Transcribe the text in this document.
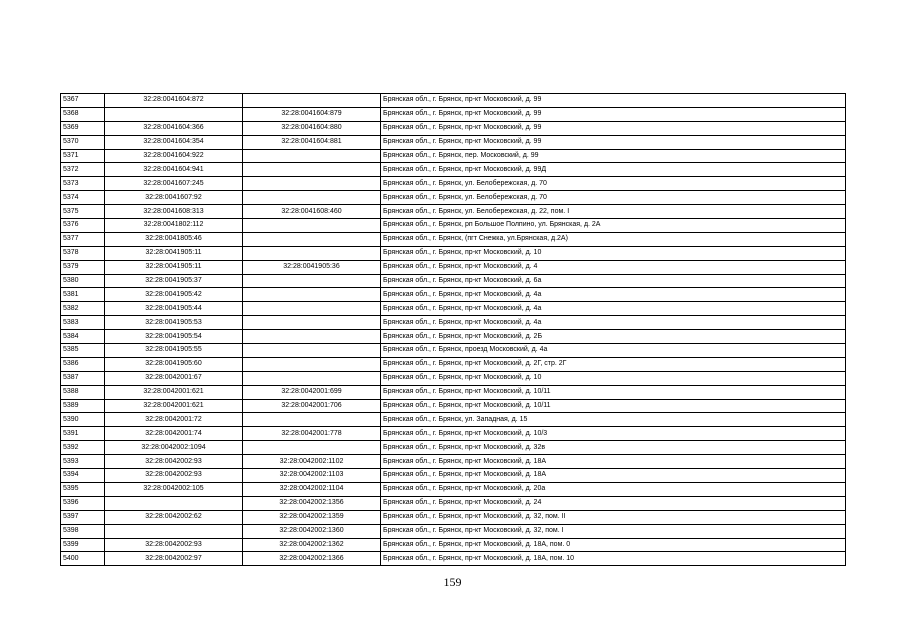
5367	32:28:0041604:872		Брянская обл., г. Брянск, пр-кт Московский, д. 99
5368		32:28:0041604:879	Брянская обл., г. Брянск, пр-кт Московский, д. 99
5369	32:28:0041604:366	32:28:0041604:880	Брянская обл., г. Брянск, пр-кт Московский, д. 99
5370	32:28:0041604:354	32:28:0041604:881	Брянская обл., г. Брянск, пр-кт Московский, д. 99
5371	32:28:0041604:922		Брянская обл., г. Брянск, пер. Московский, д. 99
5372	32:28:0041604:941		Брянская обл., г. Брянск, пр-кт Московский, д. 99Д
5373	32:28:0041607:245		Брянская обл., г. Брянск, ул. Белобережская, д. 70
5374	32:28:0041607:92		Брянская обл., г. Брянск, ул. Белобережская, д. 70
5375	32:28:0041608:313	32:28:0041608:460	Брянская обл., г. Брянск, ул. Белобережская, д. 22, пом. I
5376	32:28:0041802:112		Брянская обл., г. Брянск, рп Большое Полпино, ул. Брянская, д. 2А
5377	32:28:0041805:46		Брянская обл., г. Брянск, (пгт Снежка, ул.Брянская, д.2А)
5378	32:28:0041905:11		Брянская обл., г. Брянск, пр-кт Московский, д. 10
5379	32:28:0041905:11	32:28:0041905:36	Брянская обл., г. Брянск, пр-кт Московский, д. 4
5380	32:28:0041905:37		Брянская обл., г. Брянск, пр-кт Московский, д. 6а
5381	32:28:0041905:42		Брянская обл., г. Брянск, пр-кт Московский, д. 4а
5382	32:28:0041905:44		Брянская обл., г. Брянск, пр-кт Московский, д. 4а
5383	32:28:0041905:53		Брянская обл., г. Брянск, пр-кт Московский, д. 4а
5384	32:28:0041905:54		Брянская обл., г. Брянск, пр-кт Московский, д. 2Б
5385	32:28:0041905:55		Брянская обл., г. Брянск, проезд Московский, д. 4а
5386	32:28:0041905:60		Брянская обл., г. Брянск, пр-кт Московский, д. 2Г, стр. 2Г
5387	32:28:0042001:67		Брянская обл., г. Брянск, пр-кт Московский, д. 10
5388	32:28:0042001:621	32:28:0042001:699	Брянская обл., г. Брянск, пр-кт Московский, д. 10/11
5389	32:28:0042001:621	32:28:0042001:706	Брянская обл., г. Брянск, пр-кт Московский, д. 10/11
5390	32:28:0042001:72		Брянская обл., г. Брянск, ул. Западная, д. 15
5391	32:28:0042001:74	32:28:0042001:778	Брянская обл., г. Брянск, пр-кт Московский, д. 10/3
5392	32:28:0042002:1094		Брянская обл., г. Брянск, пр-кт Московский, д. 32в
5393	32:28:0042002:93	32:28:0042002:1102	Брянская обл., г. Брянск, пр-кт Московский, д. 18А
5394	32:28:0042002:93	32:28:0042002:1103	Брянская обл., г. Брянск, пр-кт Московский, д. 18А
5395	32:28:0042002:105	32:28:0042002:1104	Брянская обл., г. Брянск, пр-кт Московский, д. 20а
5396		32:28:0042002:1356	Брянская обл., г. Брянск, пр-кт Московский, д. 24
5397	32:28:0042002:62	32:28:0042002:1359	Брянская обл., г. Брянск, пр-кт Московский, д. 32, пом. II
5398		32:28:0042002:1360	Брянская обл., г. Брянск, пр-кт Московский, д. 32, пом. I
5399	32:28:0042002:93	32:28:0042002:1362	Брянская обл., г. Брянск, пр-кт Московский, д. 18А, пом. 0
5400	32:28:0042002:97	32:28:0042002:1366	Брянская обл., г. Брянск, пр-кт Московский, д. 18А, пом. 10
159
